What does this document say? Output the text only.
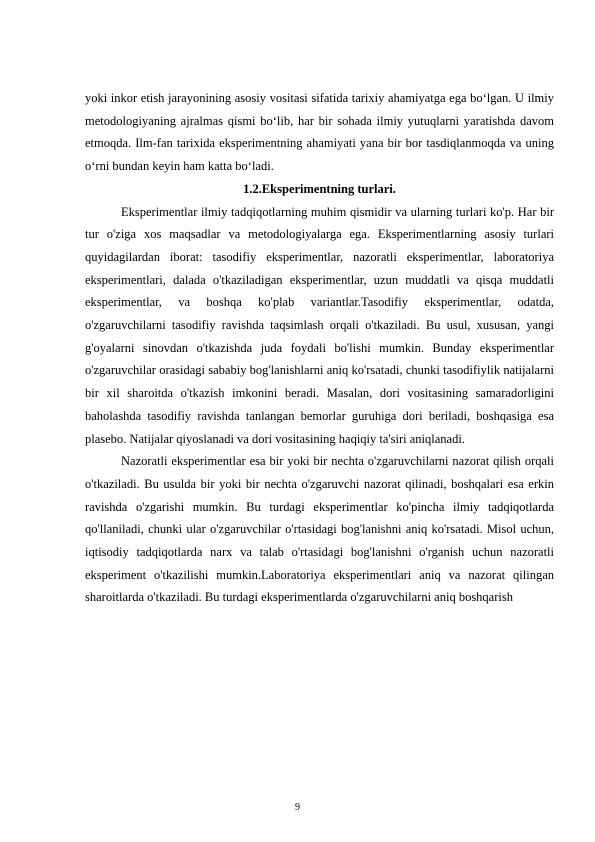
yoki inkor etish jarayonining asosiy vositasi sifatida tarixiy ahamiyatga ega bo‘lgan. U ilmiy metodologiyaning ajralmas qismi bo‘lib, har bir sohada ilmiy yutuqlarni yaratishda davom etmoqda. Ilm-fan tarixida eksperimentning ahamiyati yana bir bor tasdiqlanmoqda va uning o‘rni bundan keyin ham katta bo‘ladi.

1.2.Eksperimentning turlari.

Eksperimentlar ilmiy tadqiqotlarning muhim qismidir va ularning turlari ko'p. Har bir tur o'ziga xos maqsadlar va metodologiyalarga ega. Eksperimentlarning asosiy turlari quyidagilardan iborat: tasodifiy eksperimentlar, nazoratli eksperimentlar, laboratoriya eksperimentlari, dalada o'tkaziladigan eksperimentlar, uzun muddatli va qisqa muddatli eksperimentlar, va boshqa ko'plab variantlar.Tasodifiy eksperimentlar, odatda, o'zgaruvchilarni tasodifiy ravishda taqsimlash orqali o'tkaziladi. Bu usul, xususan, yangi g'oyalarni sinovdan o'tkazishda juda foydali bo'lishi mumkin. Bunday eksperimentlar o'zgaruvchilar orasidagi sababiy bog'lanishlarni aniq ko'rsatadi, chunki tasodifiylik natijalarni bir xil sharoitda o'tkazish imkonini beradi. Masalan, dori vositasining samaradorligini baholashda tasodifiy ravishda tanlangan bemorlar guruhiga dori beriladi, boshqasiga esa plasebo. Natijalar qiyoslanadi va dori vositasining haqiqiy ta'siri aniqlanadi.

Nazoratli eksperimentlar esa bir yoki bir nechta o'zgaruvchilarni nazorat qilish orqali o'tkaziladi. Bu usulda bir yoki bir nechta o'zgaruvchi nazorat qilinadi, boshqalari esa erkin ravishda o'zgarishi mumkin. Bu turdagi eksperimentlar ko'pincha ilmiy tadqiqotlarda qo'llaniladi, chunki ular o'zgaruvchilar o'rtasidagi bog'lanishni aniq ko'rsatadi. Misol uchun, iqtisodiy tadqiqotlarda narx va talab o'rtasidagi bog'lanishni o'rganish uchun nazoratli eksperiment o'tkazilishi mumkin.Laboratoriya eksperimentlari aniq va nazorat qilingan sharoitlarda o'tkaziladi. Bu turdagi eksperimentlarda o'zgaruvchilarni aniq boshqarish

9
